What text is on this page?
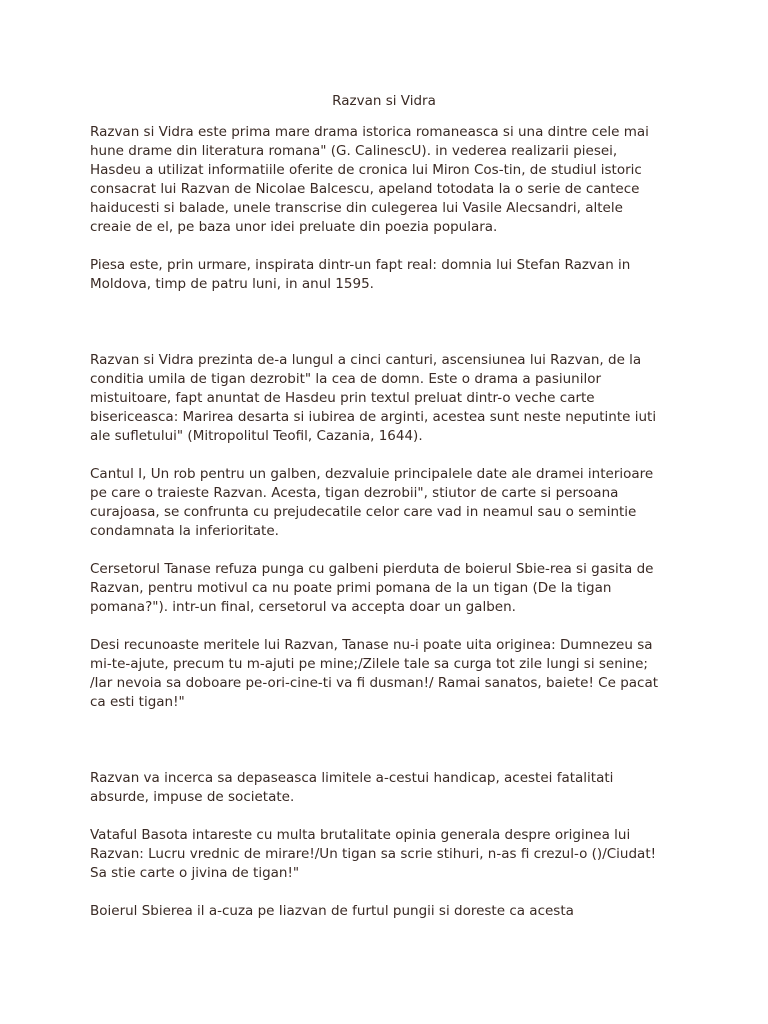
Razvan si Vidra

Razvan si Vidra este prima mare drama istorica romaneasca si una dintre cele mai
hune drame din literatura romana" (G. CalinescU). in vederea realizarii piesei,
Hasdeu a utilizat informatiile oferite de cronica lui Miron Cos-tin, de studiul istoric
consacrat lui Razvan de Nicolae Balcescu, apeland totodata la o serie de cantece
haiducesti si balade, unele transcrise din culegerea lui Vasile Alecsandri, altele
creaie de el, pe baza unor idei preluate din poezia populara.

Piesa este, prin urmare, inspirata dintr-un fapt real: domnia lui Stefan Razvan in
Moldova, timp de patru luni, in anul 1595.

Razvan si Vidra prezinta de-a lungul a cinci canturi, ascensiunea lui Razvan, de la
conditia umila de tigan dezrobit" la cea de domn. Este o drama a pasiunilor
mistuitoare, fapt anuntat de Hasdeu prin textul preluat dintr-o veche carte
bisericeasca: Marirea desarta si iubirea de arginti, acestea sunt neste neputinte iuti
ale sufletului" (Mitropolitul Teofil, Cazania, 1644).

Cantul I, Un rob pentru un galben, dezvaluie principalele date ale dramei interioare
pe care o traieste Razvan. Acesta, tigan dezrobii", stiutor de carte si persoana
curajoasa, se confrunta cu prejudecatile celor care vad in neamul sau o semintie
condamnata la inferioritate.

Cersetorul Tanase refuza punga cu galbeni pierduta de boierul Sbie-rea si gasita de
Razvan, pentru motivul ca nu poate primi pomana de la un tigan (De la tigan
pomana?"). intr-un final, cersetorul va accepta doar un galben.

Desi recunoaste meritele lui Razvan, Tanase nu-i poate uita originea: Dumnezeu sa
mi-te-ajute, precum tu m-ajuti pe mine;/Zilele tale sa curga tot zile lungi si senine;
/Iar nevoia sa doboare pe-ori-cine-ti va fi dusman!/ Ramai sanatos, baiete! Ce pacat
ca esti tigan!"

Razvan va incerca sa depaseasca limitele a-cestui handicap, acestei fatalitati
absurde, impuse de societate.

Vataful Basota intareste cu multa brutalitate opinia generala despre originea lui
Razvan: Lucru vrednic de mirare!/Un tigan sa scrie stihuri, n-as fi crezul-o ()/Ciudat!
Sa stie carte o jivina de tigan!"

Boierul Sbierea il a-cuza pe Iiazvan de furtul pungii si doreste ca acesta
